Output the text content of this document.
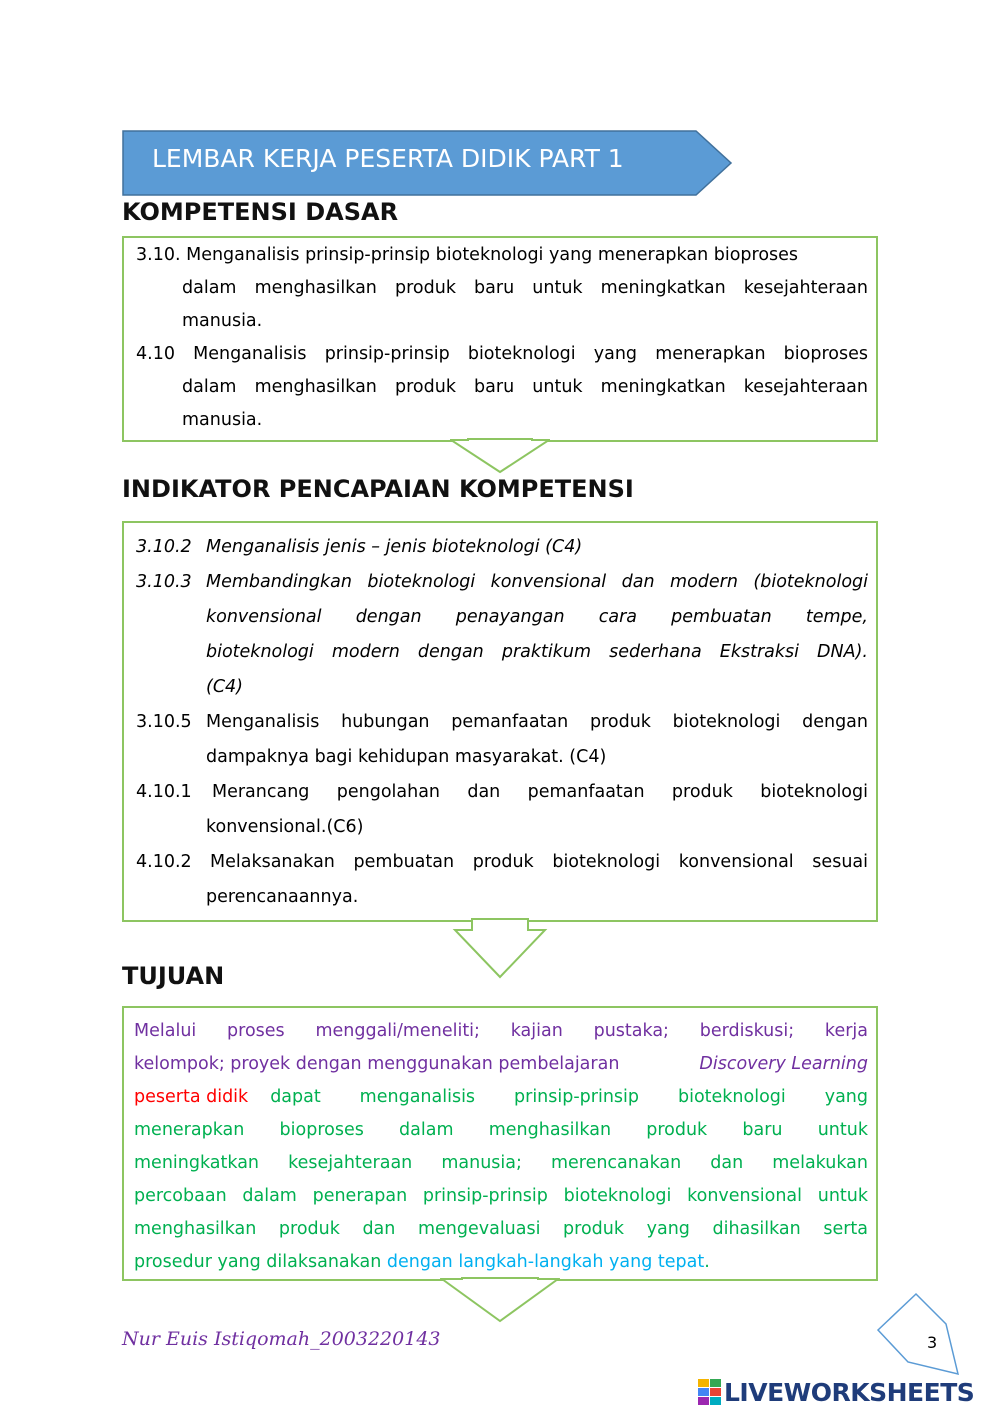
LEMBAR KERJA PESERTA DIDIK PART 1
KOMPETENSI DASAR
3.10. Menganalisis prinsip-prinsip bioteknologi yang menerapkan bioproses
dalam menghasilkan produk baru untuk meningkatkan kesejahteraan
manusia.
4.10 Menganalisis prinsip-prinsip bioteknologi yang menerapkan bioproses
dalam menghasilkan produk baru untuk meningkatkan kesejahteraan
manusia.
INDIKATOR PENCAPAIAN KOMPETENSI
3.10.2 Menganalisis jenis – jenis bioteknologi (C4)
3.10.3 Membandingkan bioteknologi konvensional dan modern (bioteknologi
konvensional dengan penayangan cara pembuatan tempe,
bioteknologi modern dengan praktikum sederhana Ekstraksi DNA).
(C4)
3.10.5 Menganalisis hubungan pemanfaatan produk bioteknologi dengan
dampaknya bagi kehidupan masyarakat. (C4)
4.10.1 Merancang pengolahan dan pemanfaatan produk bioteknologi
konvensional.(C6)
4.10.2 Melaksanakan pembuatan produk bioteknologi konvensional sesuai
perencanaannya.
TUJUAN
Melalui proses menggali/meneliti; kajian pustaka; berdiskusi; kerja
kelompok; proyek dengan menggunakan pembelajaran	Discovery Learning
peserta didik dapat menganalisis prinsip-prinsip bioteknologi yang
menerapkan bioproses dalam menghasilkan produk baru untuk
meningkatkan kesejahteraan manusia; merencanakan dan melakukan
percobaan dalam penerapan prinsip-prinsip bioteknologi konvensional untuk
menghasilkan produk dan mengevaluasi produk yang dihasilkan serta
prosedur yang dilaksanakan dengan langkah-langkah yang tepat.
Nur Euis Istiqomah_2003220143	3
LIVEWORKSHEETS
